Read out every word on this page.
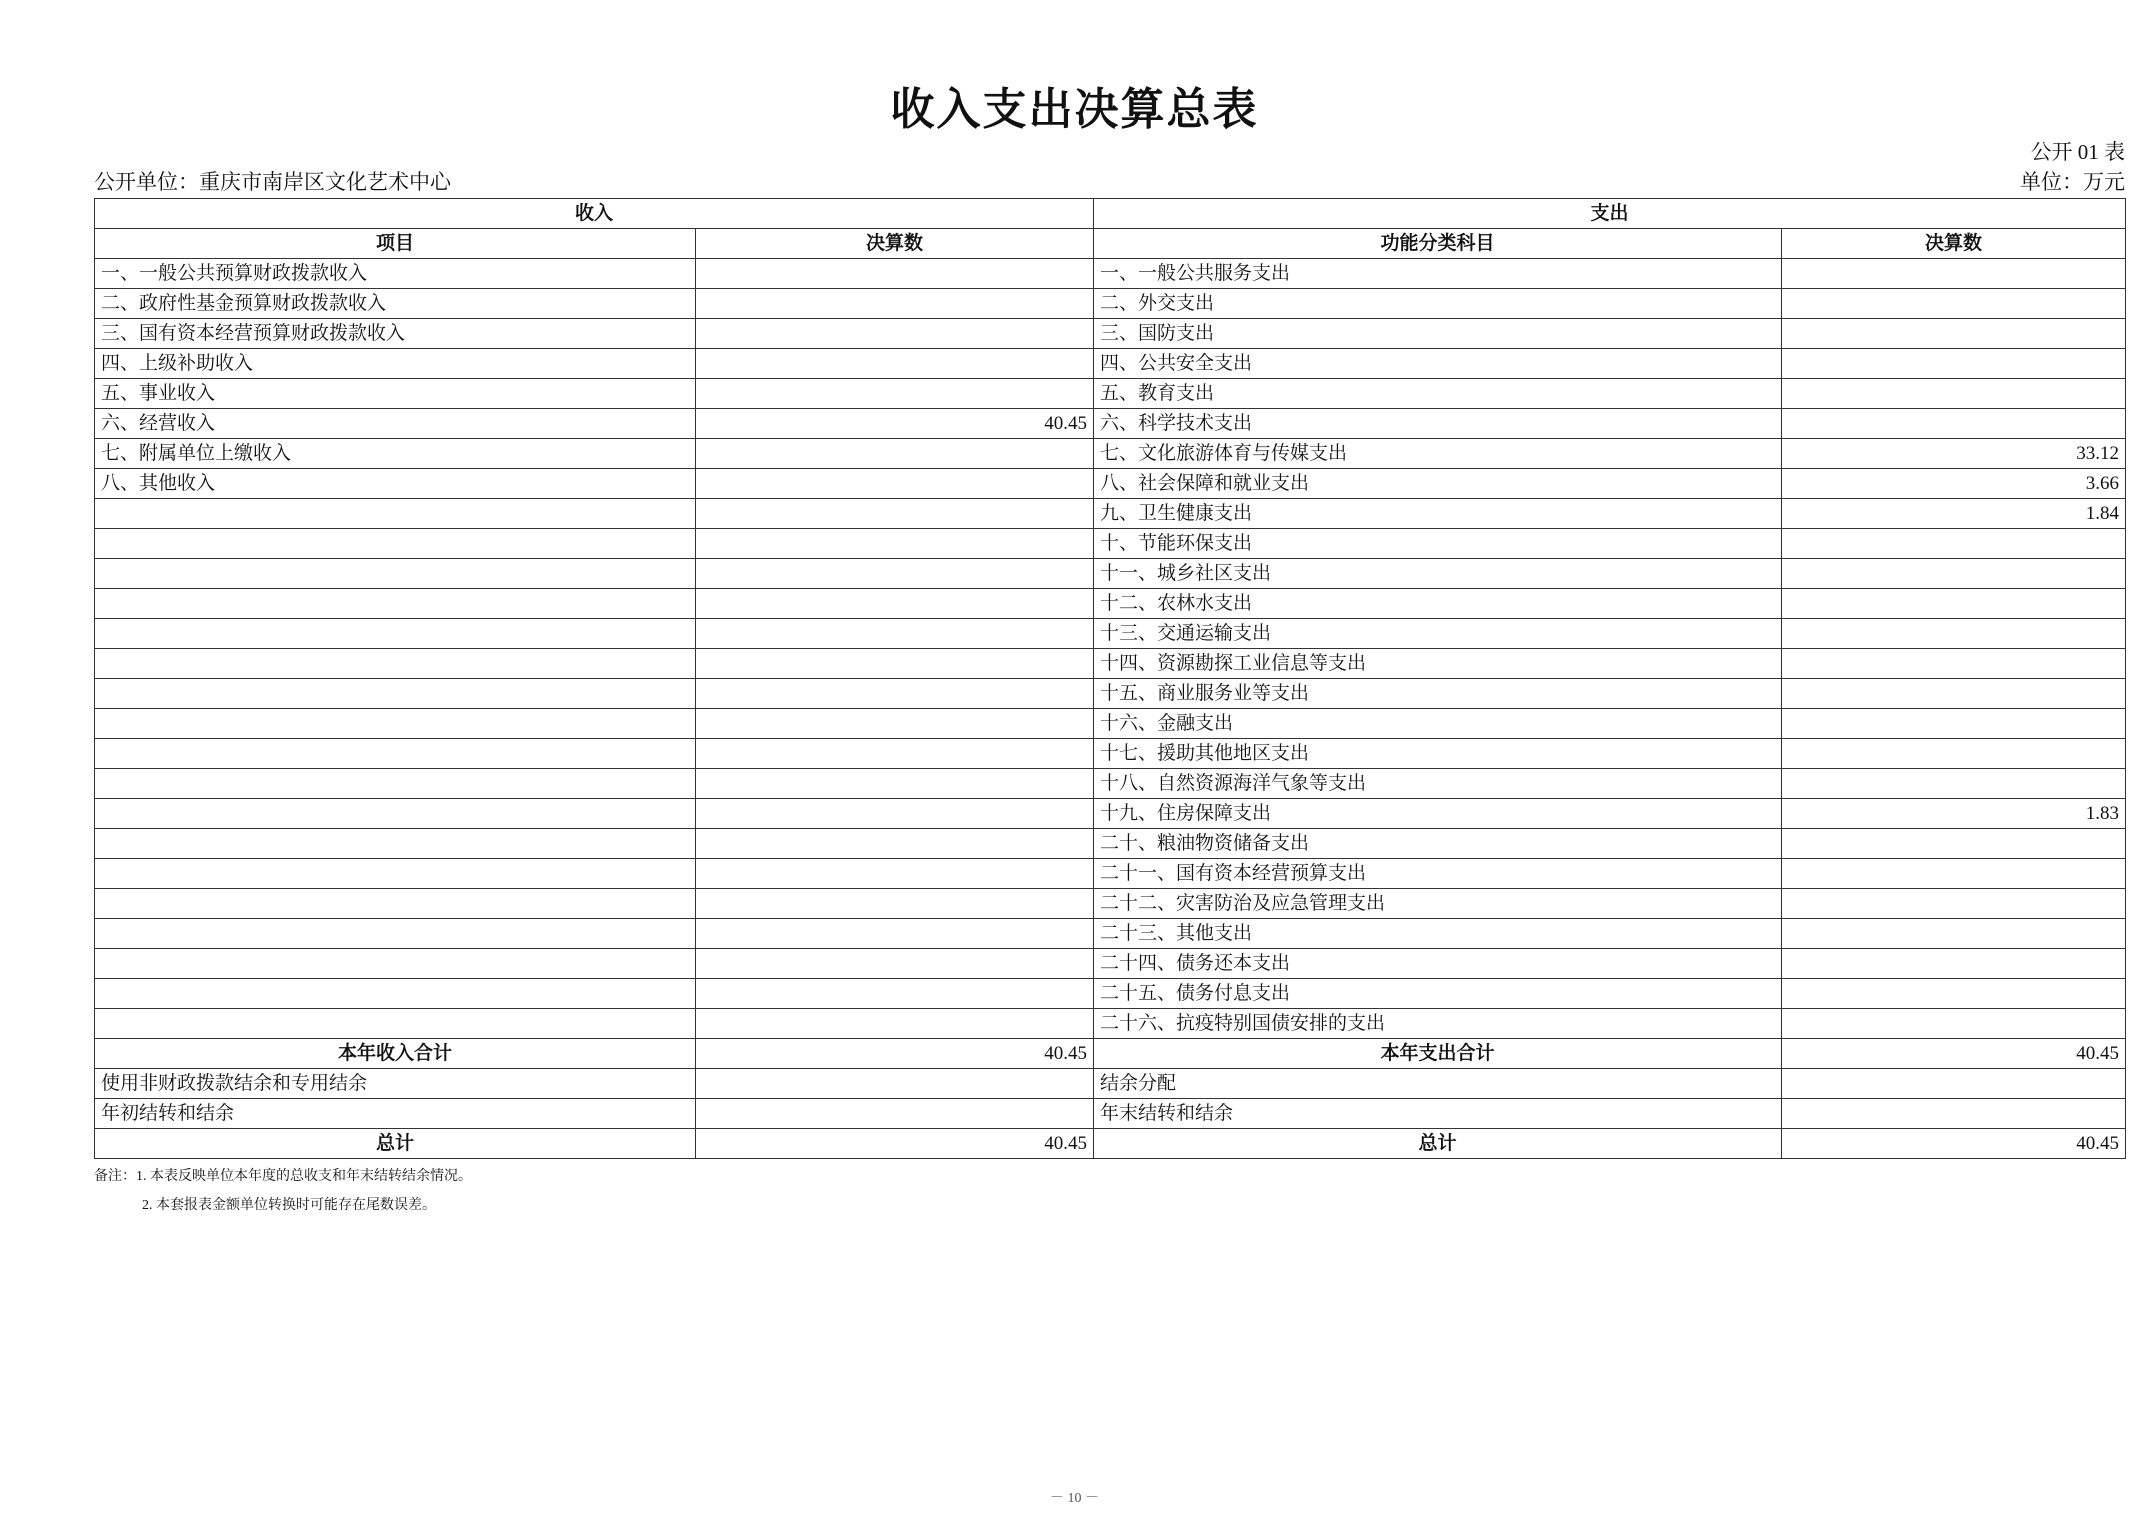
收入支出决算总表
公开 01 表
公开单位：重庆市南岸区文化艺术中心	单位：万元
收入		支出	
项目	决算数	功能分类科目	决算数
一、一般公共预算财政拨款收入		一、一般公共服务支出	
二、政府性基金预算财政拨款收入		二、外交支出	
三、国有资本经营预算财政拨款收入		三、国防支出	
四、上级补助收入		四、公共安全支出	
五、事业收入		五、教育支出	
六、经营收入	40.45	六、科学技术支出	
七、附属单位上缴收入		七、文化旅游体育与传媒支出	33.12
八、其他收入		八、社会保障和就业支出	3.66
		九、卫生健康支出	1.84
		十、节能环保支出	
		十一、城乡社区支出	
		十二、农林水支出	
		十三、交通运输支出	
		十四、资源勘探工业信息等支出	
		十五、商业服务业等支出	
		十六、金融支出	
		十七、援助其他地区支出	
		十八、自然资源海洋气象等支出	
		十九、住房保障支出	1.83
		二十、粮油物资储备支出	
		二十一、国有资本经营预算支出	
		二十二、灾害防治及应急管理支出	
		二十三、其他支出	
		二十四、债务还本支出	
		二十五、债务付息支出	
		二十六、抗疫特别国债安排的支出	
本年收入合计	40.45	本年支出合计	40.45
使用非财政拨款结余和专用结余		结余分配	
年初结转和结余		年末结转和结余	
总计	40.45	总计	40.45
备注：1. 本表反映单位本年度的总收支和年末结转结余情况。
2. 本套报表金额单位转换时可能存在尾数误差。
－ 10 －
